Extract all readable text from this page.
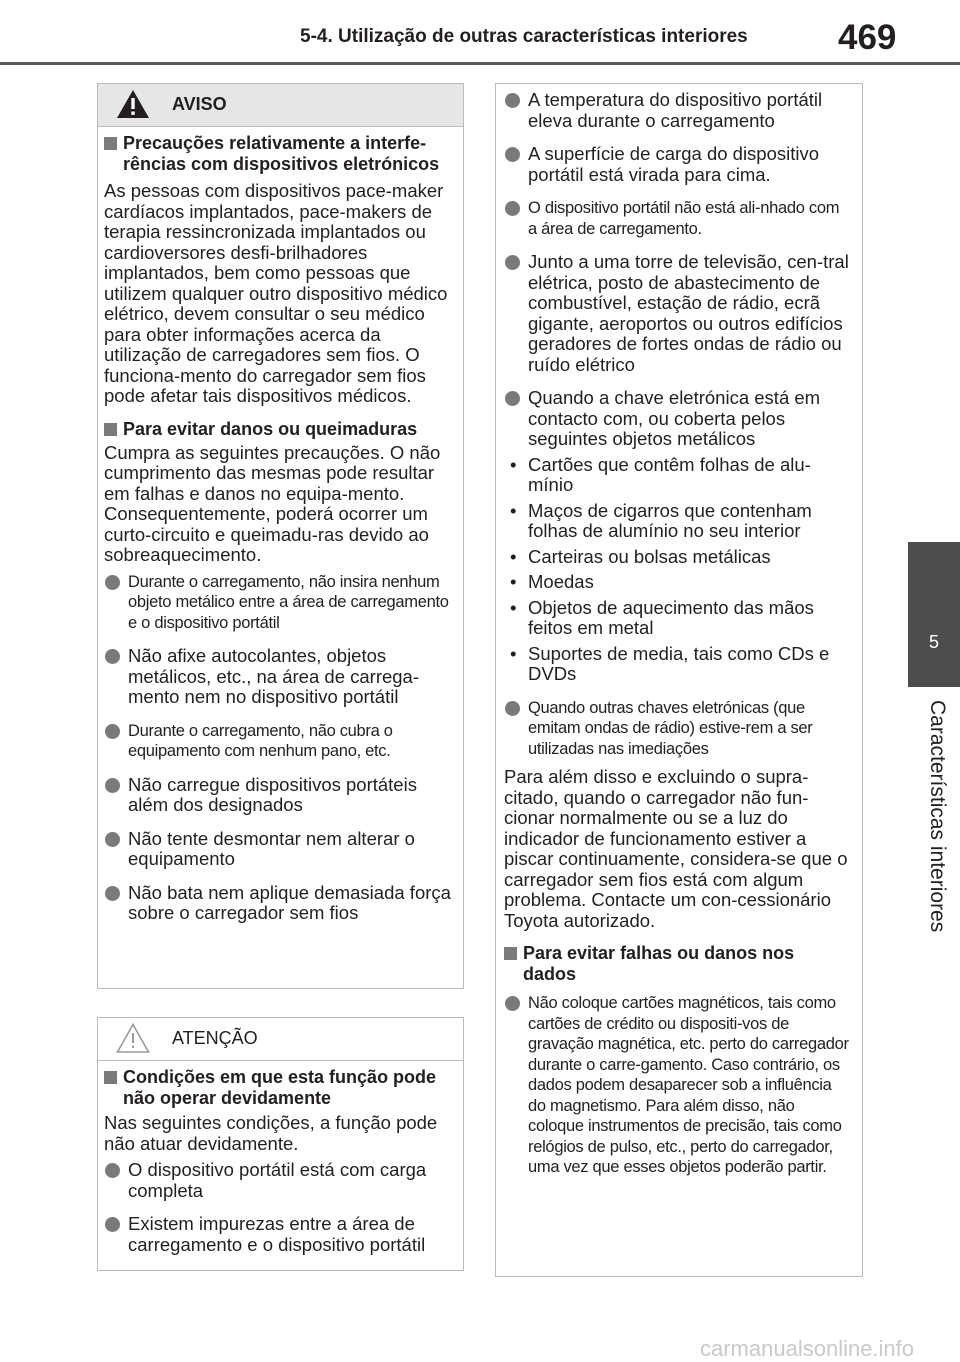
5-4. Utilização de outras características interiores	469
5
Características interiores
AVISO
Precauções relativamente a interfe-rências com dispositivos eletrónicos
As pessoas com dispositivos pace-maker cardíacos implantados, pace-makers de terapia ressincronizada implantados ou cardioversores desfi-brilhadores implantados, bem como pessoas que utilizem qualquer outro dispositivo médico elétrico, devem consultar o seu médico para obter informações acerca da utilização de carregadores sem fios. O funciona-mento do carregador sem fios pode afetar tais dispositivos médicos.
Para evitar danos ou queimaduras
Cumpra as seguintes precauções. O não cumprimento das mesmas pode resultar em falhas e danos no equipa-mento. Consequentemente, poderá ocorrer um curto-circuito e queimadu-ras devido ao sobreaquecimento.
Durante o carregamento, não insira nenhum objeto metálico entre a área de carregamento e o dispositivo portátil
Não afixe autocolantes, objetos metálicos, etc., na área de carrega-mento nem no dispositivo portátil
Durante o carregamento, não cubra o equipamento com nenhum pano, etc.
Não carregue dispositivos portáteis além dos designados
Não tente desmontar nem alterar o equipamento
Não bata nem aplique demasiada força sobre o carregador sem fios
ATENÇÃO
Condições em que esta função pode não operar devidamente
Nas seguintes condições, a função pode não atuar devidamente.
O dispositivo portátil está com carga completa
Existem impurezas entre a área de carregamento e o dispositivo portátil
A temperatura do dispositivo portátil eleva durante o carregamento
A superfície de carga do dispositivo portátil está virada para cima.
O dispositivo portátil não está ali-nhado com a área de carregamento.
Junto a uma torre de televisão, cen-tral elétrica, posto de abastecimento de combustível, estação de rádio, ecrã gigante, aeroportos ou outros edifícios geradores de fortes ondas de rádio ou ruído elétrico
Quando a chave eletrónica está em contacto com, ou coberta pelos seguintes objetos metálicos
• Cartões que contêm folhas de alu-mínio
• Maços de cigarros que contenham folhas de alumínio no seu interior
• Carteiras ou bolsas metálicas
• Moedas
• Objetos de aquecimento das mãos feitos em metal
• Suportes de media, tais como CDs e DVDs
Quando outras chaves eletrónicas (que emitam ondas de rádio) estive-rem a ser utilizadas nas imediações
Para além disso e excluindo o supra-citado, quando o carregador não fun-cionar normalmente ou se a luz do indicador de funcionamento estiver a piscar continuamente, considera-se que o carregador sem fios está com algum problema. Contacte um con-cessionário Toyota autorizado.
Para evitar falhas ou danos nos dados
Não coloque cartões magnéticos, tais como cartões de crédito ou dispositi-vos de gravação magnética, etc. perto do carregador durante o carre-gamento. Caso contrário, os dados podem desaparecer sob a influência do magnetismo. Para além disso, não coloque instrumentos de precisão, tais como relógios de pulso, etc., perto do carregador, uma vez que esses objetos poderão partir.
carmanualsonline.info
